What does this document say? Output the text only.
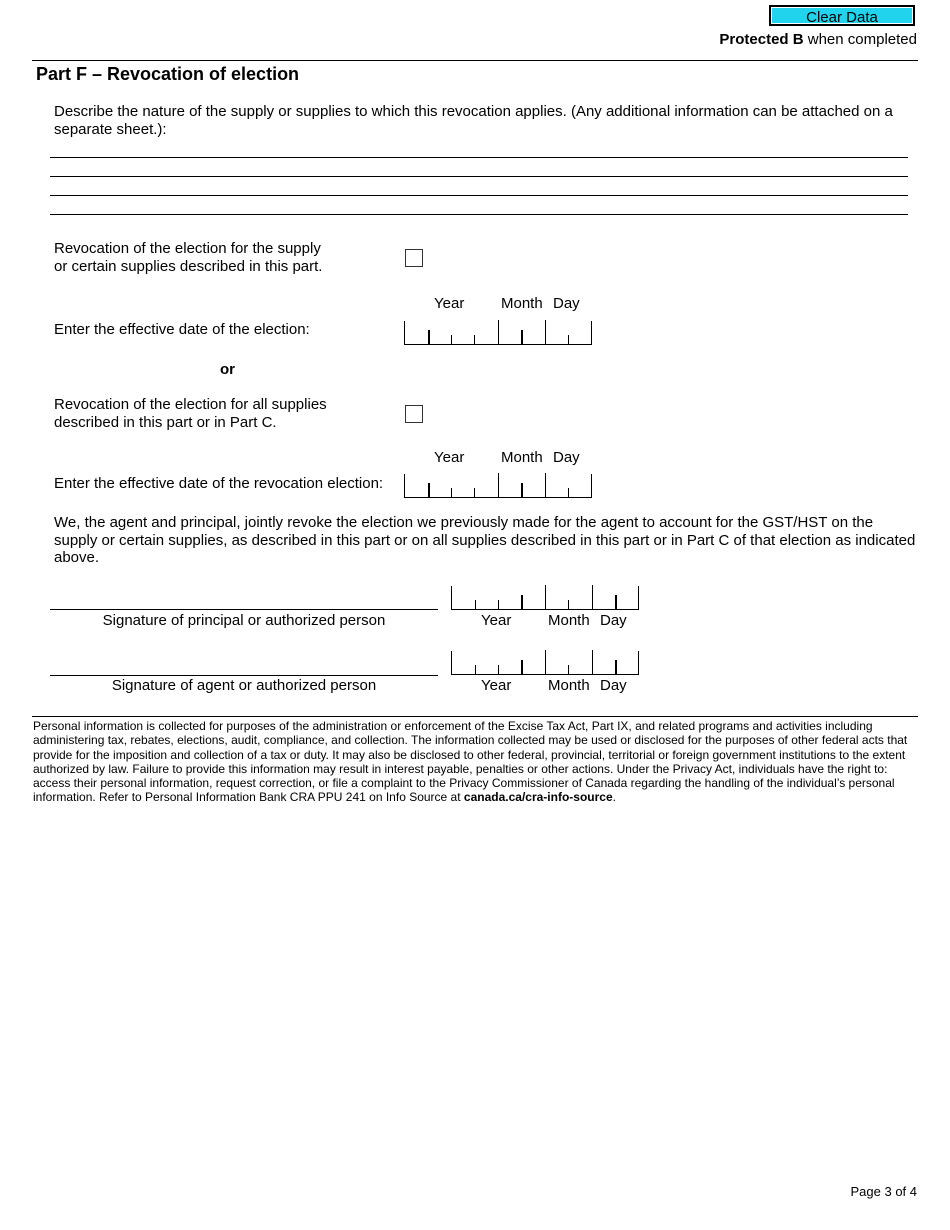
Clear Data
Protected B when completed
Part F – Revocation of election
Describe the nature of the supply or supplies to which this revocation applies. (Any additional information can be attached on a separate sheet.):
Revocation of the election for the supply
or certain supplies described in this part.
Year Month Day
Enter the effective date of the election:
or
Revocation of the election for all supplies
described in this part or in Part C.
Year Month Day
Enter the effective date of the revocation election:
We, the agent and principal, jointly revoke the election we previously made for the agent to account for the GST/HST on the supply or certain supplies, as described in this part or on all supplies described in this part or in Part C of that election as indicated above.
Signature of principal or authorized person	Year Month Day
Signature of agent or authorized person	Year Month Day
Personal information is collected for purposes of the administration or enforcement of the Excise Tax Act, Part IX, and related programs and activities including administering tax, rebates, elections, audit, compliance, and collection. The information collected may be used or disclosed for the purposes of other federal acts that provide for the imposition and collection of a tax or duty. It may also be disclosed to other federal, provincial, territorial or foreign government institutions to the extent authorized by law. Failure to provide this information may result in interest payable, penalties or other actions. Under the Privacy Act, individuals have the right to: access their personal information, request correction, or file a complaint to the Privacy Commissioner of Canada regarding the handling of the individual’s personal information. Refer to Personal Information Bank CRA PPU 241 on Info Source at canada.ca/cra-info-source.
Page 3 of 4
